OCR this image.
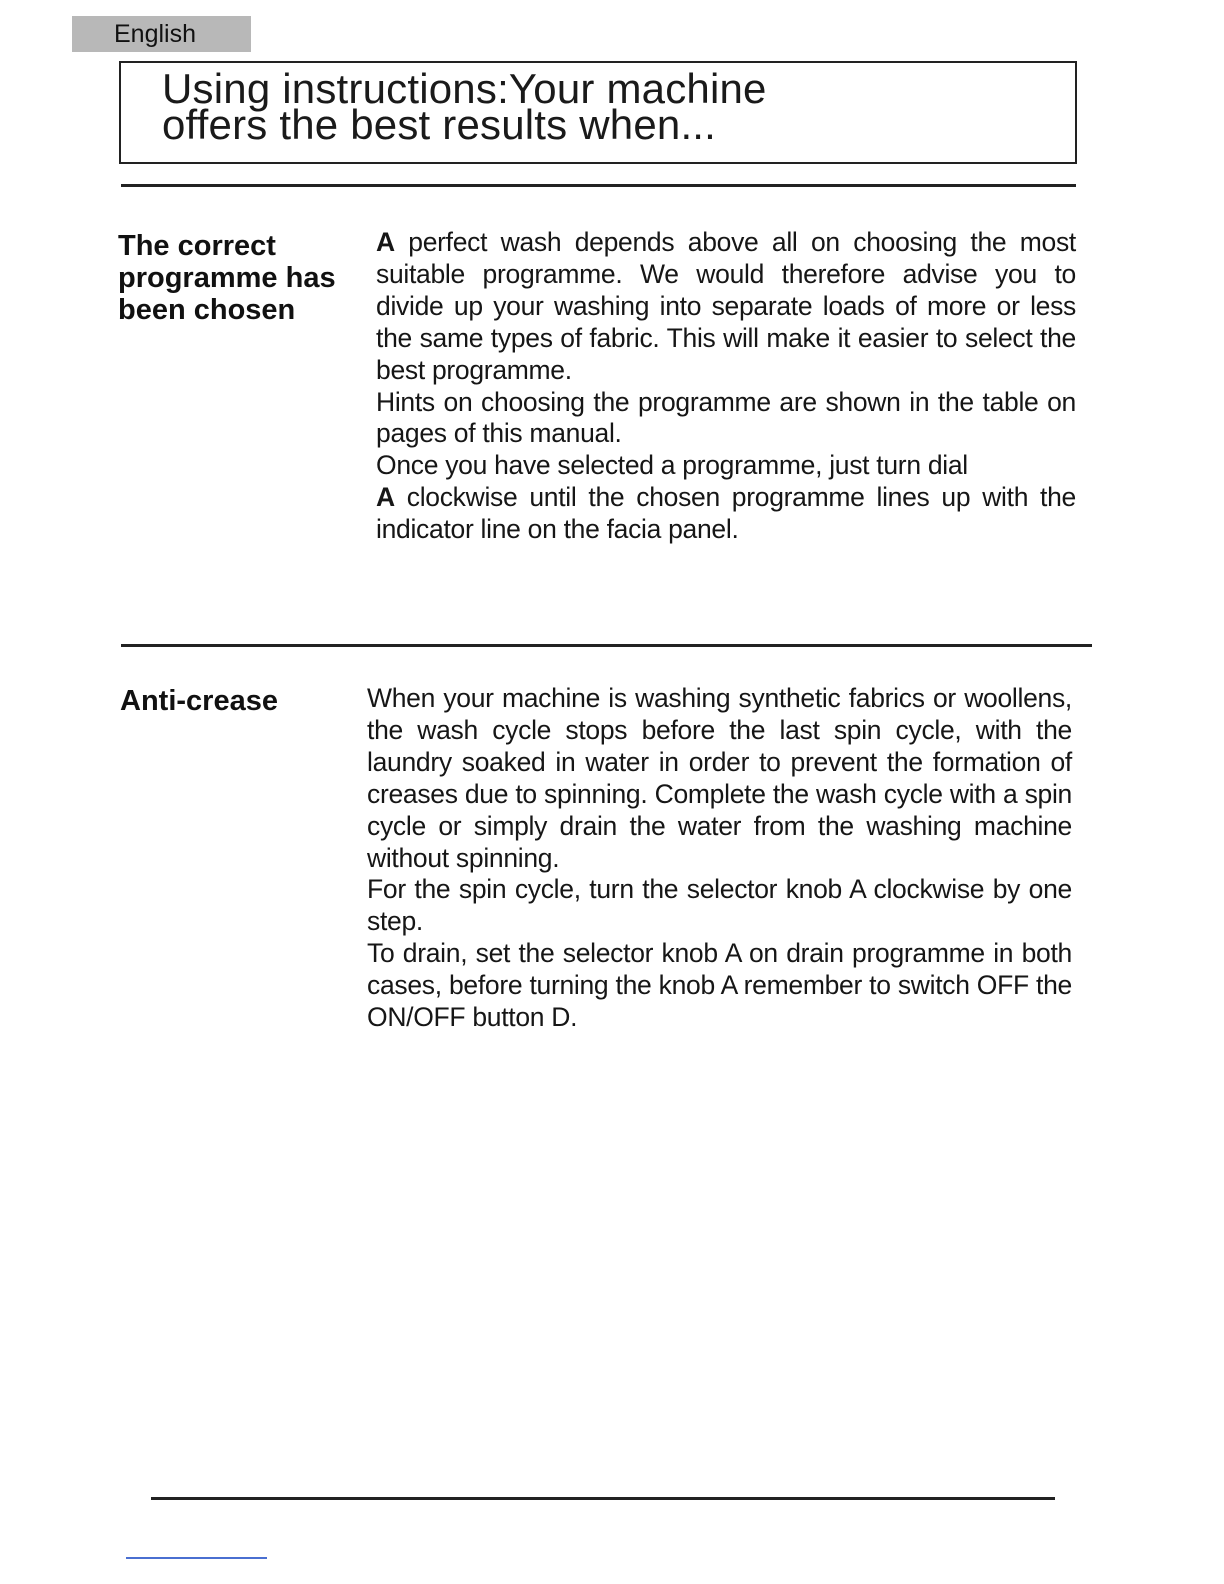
English
Using instructions:Your machine
offers the best results when...
The correct programme has been chosen

A perfect wash depends above all on choosing the most suitable programme. We would therefore advise you to divide up your washing into separate loads of more or less the same types of fabric. This will make it easier to select the best programme.

Hints on choosing the programme are shown in the table on pages of this manual.

Once you have selected a programme, just turn dial

A clockwise until the chosen programme lines up with the indicator line on the facia panel.

Anti-crease	When your machine is washing synthetic fabrics or woollens, the wash cycle stops before the last spin cycle, with the laundry soaked in water in order to prevent the formation of creases due to spinning. Complete the wash cycle with a spin cycle or simply drain the water from the washing machine without spinning.

For the spin cycle, turn the selector knob A clockwise by one step.

To drain, set the selector knob A on drain programme in both cases, before turning the knob A remember to switch OFF the ON/OFF button D.
